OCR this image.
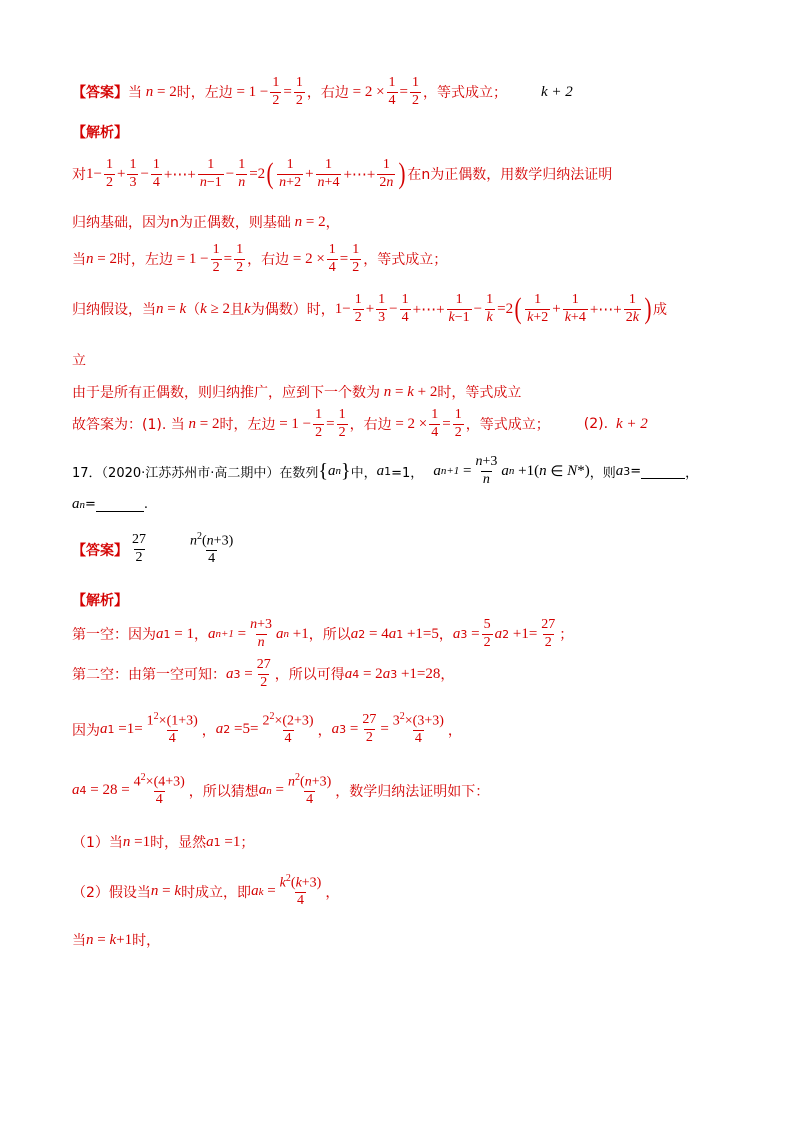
【答案】 当 n = 2 时，左边 = $1 - \frac{1}{2} = \frac{1}{2}$ ，右边 = $2 \times \frac{1}{4} = \frac{1}{2}$ ，等式成立； k + 2
【解析】
对 $1- \frac{1}{2} + \frac{1}{3} - \frac{1}{4}$ +⋯+ $\frac{1}{n-1} - \frac{1}{n} =2$ ( $\frac{1}{n+2} + \frac{1}{n+4}$ +⋯+ $\frac{1}{2n}$ ) 在n为正偶数，用数学归纳法证明
归纳基础，因为n为正偶数，则基础 n = 2 ，
当 n = 2 时，左边 = $1 - \frac{1}{2} = \frac{1}{2}$ ，右边 = $2 \times \frac{1}{4} = \frac{1}{2}$ ，等式成立；
归纳假设，当 n = k （ k ≥ 2 且 k 为偶数）时， $1- \frac{1}{2} + \frac{1}{3} - \frac{1}{4}$ +⋯+ $\frac{1}{k-1} - \frac{1}{k} =2$ ( $\frac{1}{k+2} + \frac{1}{k+4}$ +⋯+ $\frac{1}{2k}$ ) 成
立
由于是所有正偶数，则归纳推广，应到下一个数为 n = k + 2 时，等式成立
故答案为：(1). 当 n = 2 时，左边 = $1 - \frac{1}{2} = \frac{1}{2}$ ，右边 = $2 \times \frac{1}{4} = \frac{1}{2}$ ，等式成立； (2). k + 2
17．（2020·江苏苏州市·高二期中）在数列 { a n } 中， a 1 =1， a $n+1 = \frac{n+3}{n}$ a n +1 ( n ∈ N * ) ，则 a 3 =	，
a n =	.
【答案】 $\frac{27}{2}$	$\frac{n^2(n+3)}{4}$
【解析】
第一空：因为 a 1 = 1 ， a $n+1 = \frac{n+3}{n}$ a n +1 ，所以 a 2 = 4 a 1 +1=5 ， a $3 = \frac{5}{2}$ a $2 +1= \frac{27}{2}$ ；
第二空：由第一空可知： a $3 = \frac{27}{2}$ ，所以可得 a 4 = 2 a 3 +1=28 ，
因为 a $1 =1= \frac{1^2\times(1+3)}{4}$ ， a $2 =5= \frac{2^2\times(2+3)}{4}$ ， a $3 = \frac{27}{2} = \frac{3^2\times(3+3)}{4}$ ，
a $4 = 28 = \frac{4^2\times(4+3)}{4}$ ，所以猜想 a $n = \frac{n^2(n+3)}{4}$ ，数学归纳法证明如下：
（1）当 n =1 时，显然 a 1 =1 ；
（2）假设当 n = k 时成立，即 a $k = \frac{k^2(k+3)}{4}$ ，
当 n = k +1 时，
